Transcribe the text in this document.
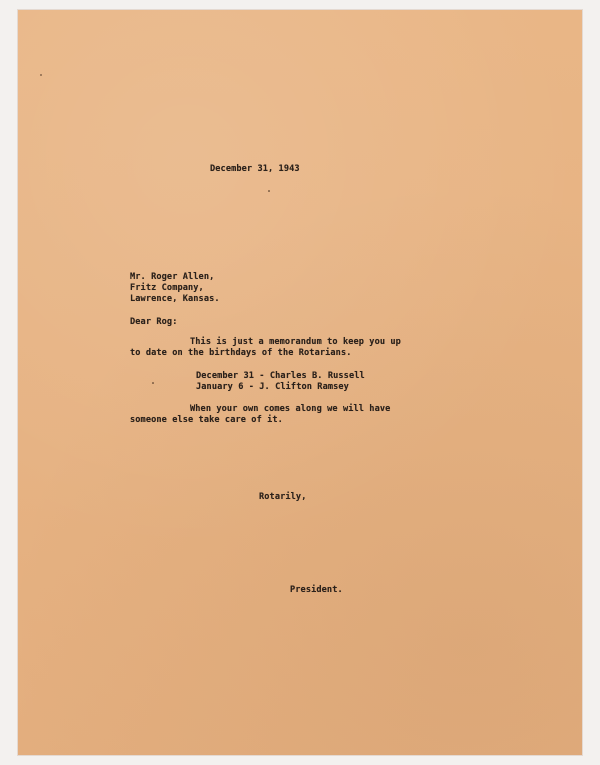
December 31, 1943
Mr. Roger Allen,
Fritz Company,
Lawrence, Kansas.
Dear Rog:
This is just a memorandum to keep you up
to date on the birthdays of the Rotarians.
December 31 - Charles B. Russell
January 6 - J. Clifton Ramsey
When your own comes along we will have
someone else take care of it.
Rotarily,
President.
